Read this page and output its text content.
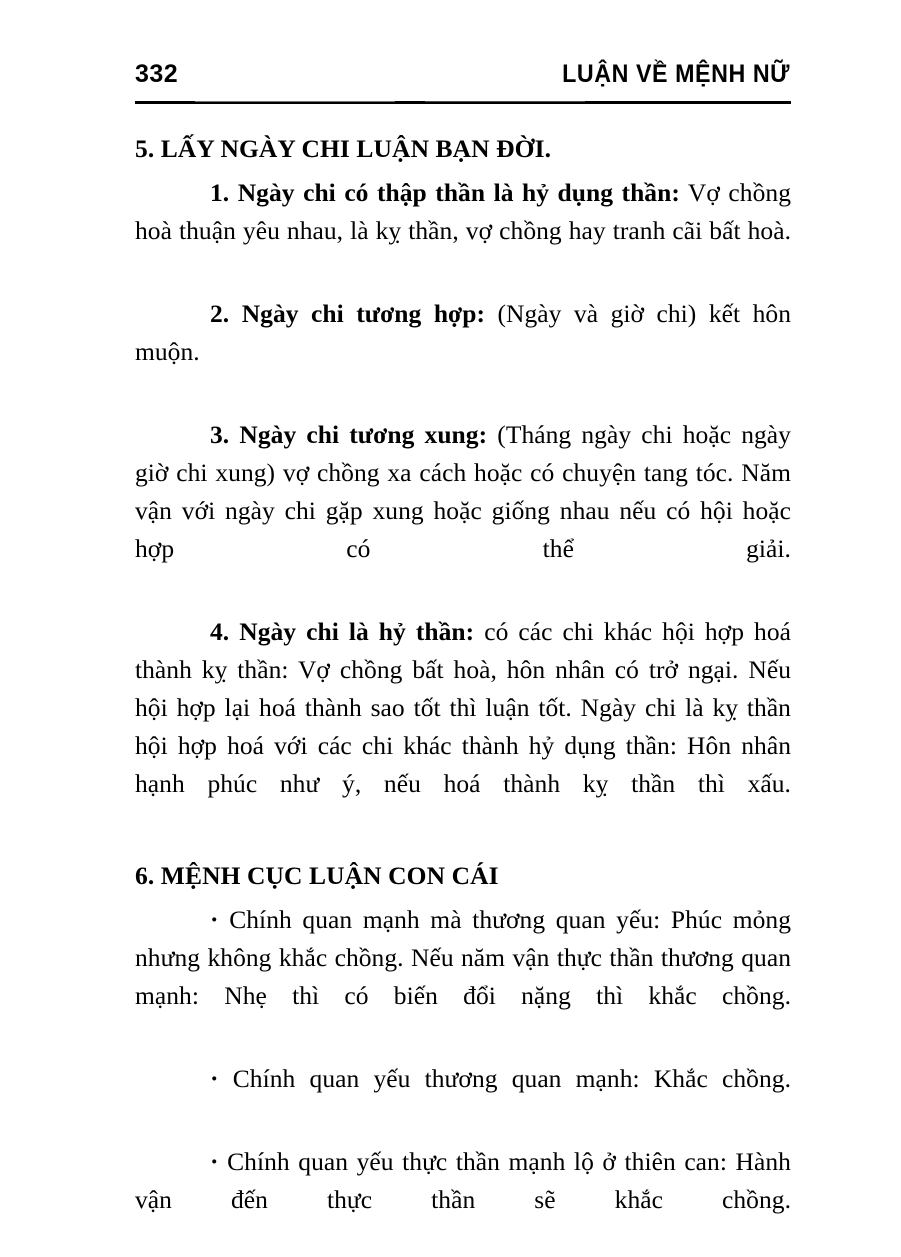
332	LUẬN VỀ MỆNH NỮ
5. LẤY NGÀY CHI LUẬN BẠN ĐỜI.

1. Ngày chi có thập thần là hỷ dụng thần: Vợ chồng hoà thuận yêu nhau, là kỵ thần, vợ chồng hay tranh cãi bất hoà.

2. Ngày chi tương hợp: (Ngày và giờ chi) kết hôn muộn.

3. Ngày chi tương xung: (Tháng ngày chi hoặc ngày giờ chi xung) vợ chồng xa cách hoặc có chuyện tang tóc. Năm vận với ngày chi gặp xung hoặc giống nhau nếu có hội hoặc hợp có thể giải.

4. Ngày chi là hỷ thần: có các chi khác hội hợp hoá thành kỵ thần: Vợ chồng bất hoà, hôn nhân có trở ngại. Nếu hội hợp lại hoá thành sao tốt thì luận tốt. Ngày chi là kỵ thần hội hợp hoá với các chi khác thành hỷ dụng thần: Hôn nhân hạnh phúc như ý, nếu hoá thành kỵ thần thì xấu.

6. MỆNH CỤC LUẬN CON CÁI

· Chính quan mạnh mà thương quan yếu: Phúc mỏng nhưng không khắc chồng. Nếu năm vận thực thần thương quan mạnh: Nhẹ thì có biến đổi nặng thì khắc chồng.

· Chính quan yếu thương quan mạnh: Khắc chồng.

· Chính quan yếu thực thần mạnh lộ ở thiên can: Hành vận đến thực thần sẽ khắc chồng.
